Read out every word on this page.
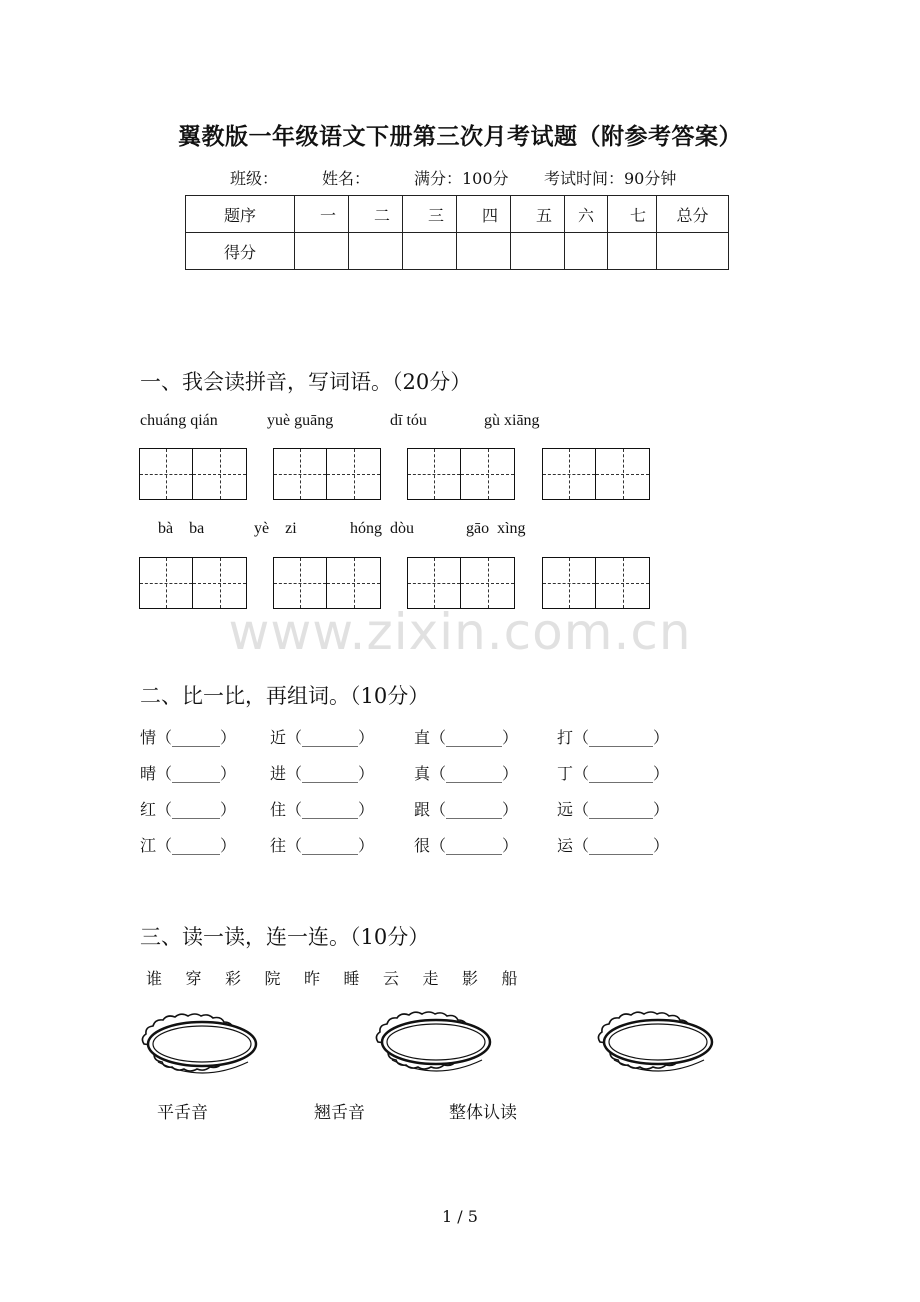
翼教版一年级语文下册第三次月考试题（附参考答案）
班级：	姓名：	满分：100分 考试时间：90分钟
题序	一	二	三	四	五	六	七	总分
得分								
一、我会读拼音，写词语。（20分）
chuáng qián	yuè guāng	dī tóu	gù xiāng
bà    ba	yè    zi	hóng  dòu	gāo  xìng
www.zixin.com.cn
二、比一比，再组词。（10分）
情（______） 近（_______） 直（_______） 打（________）
晴（______） 进（_______） 真（_______） 丁（________）
红（______） 住（_______） 跟（_______） 远（________）
江（______） 往（_______） 很（_______） 运（________）
三、读一读，连一连。（10分）
谁 穿 彩 院 昨 睡 云 走 影 船
平舌音	翘舌音	整体认读
1 / 5
